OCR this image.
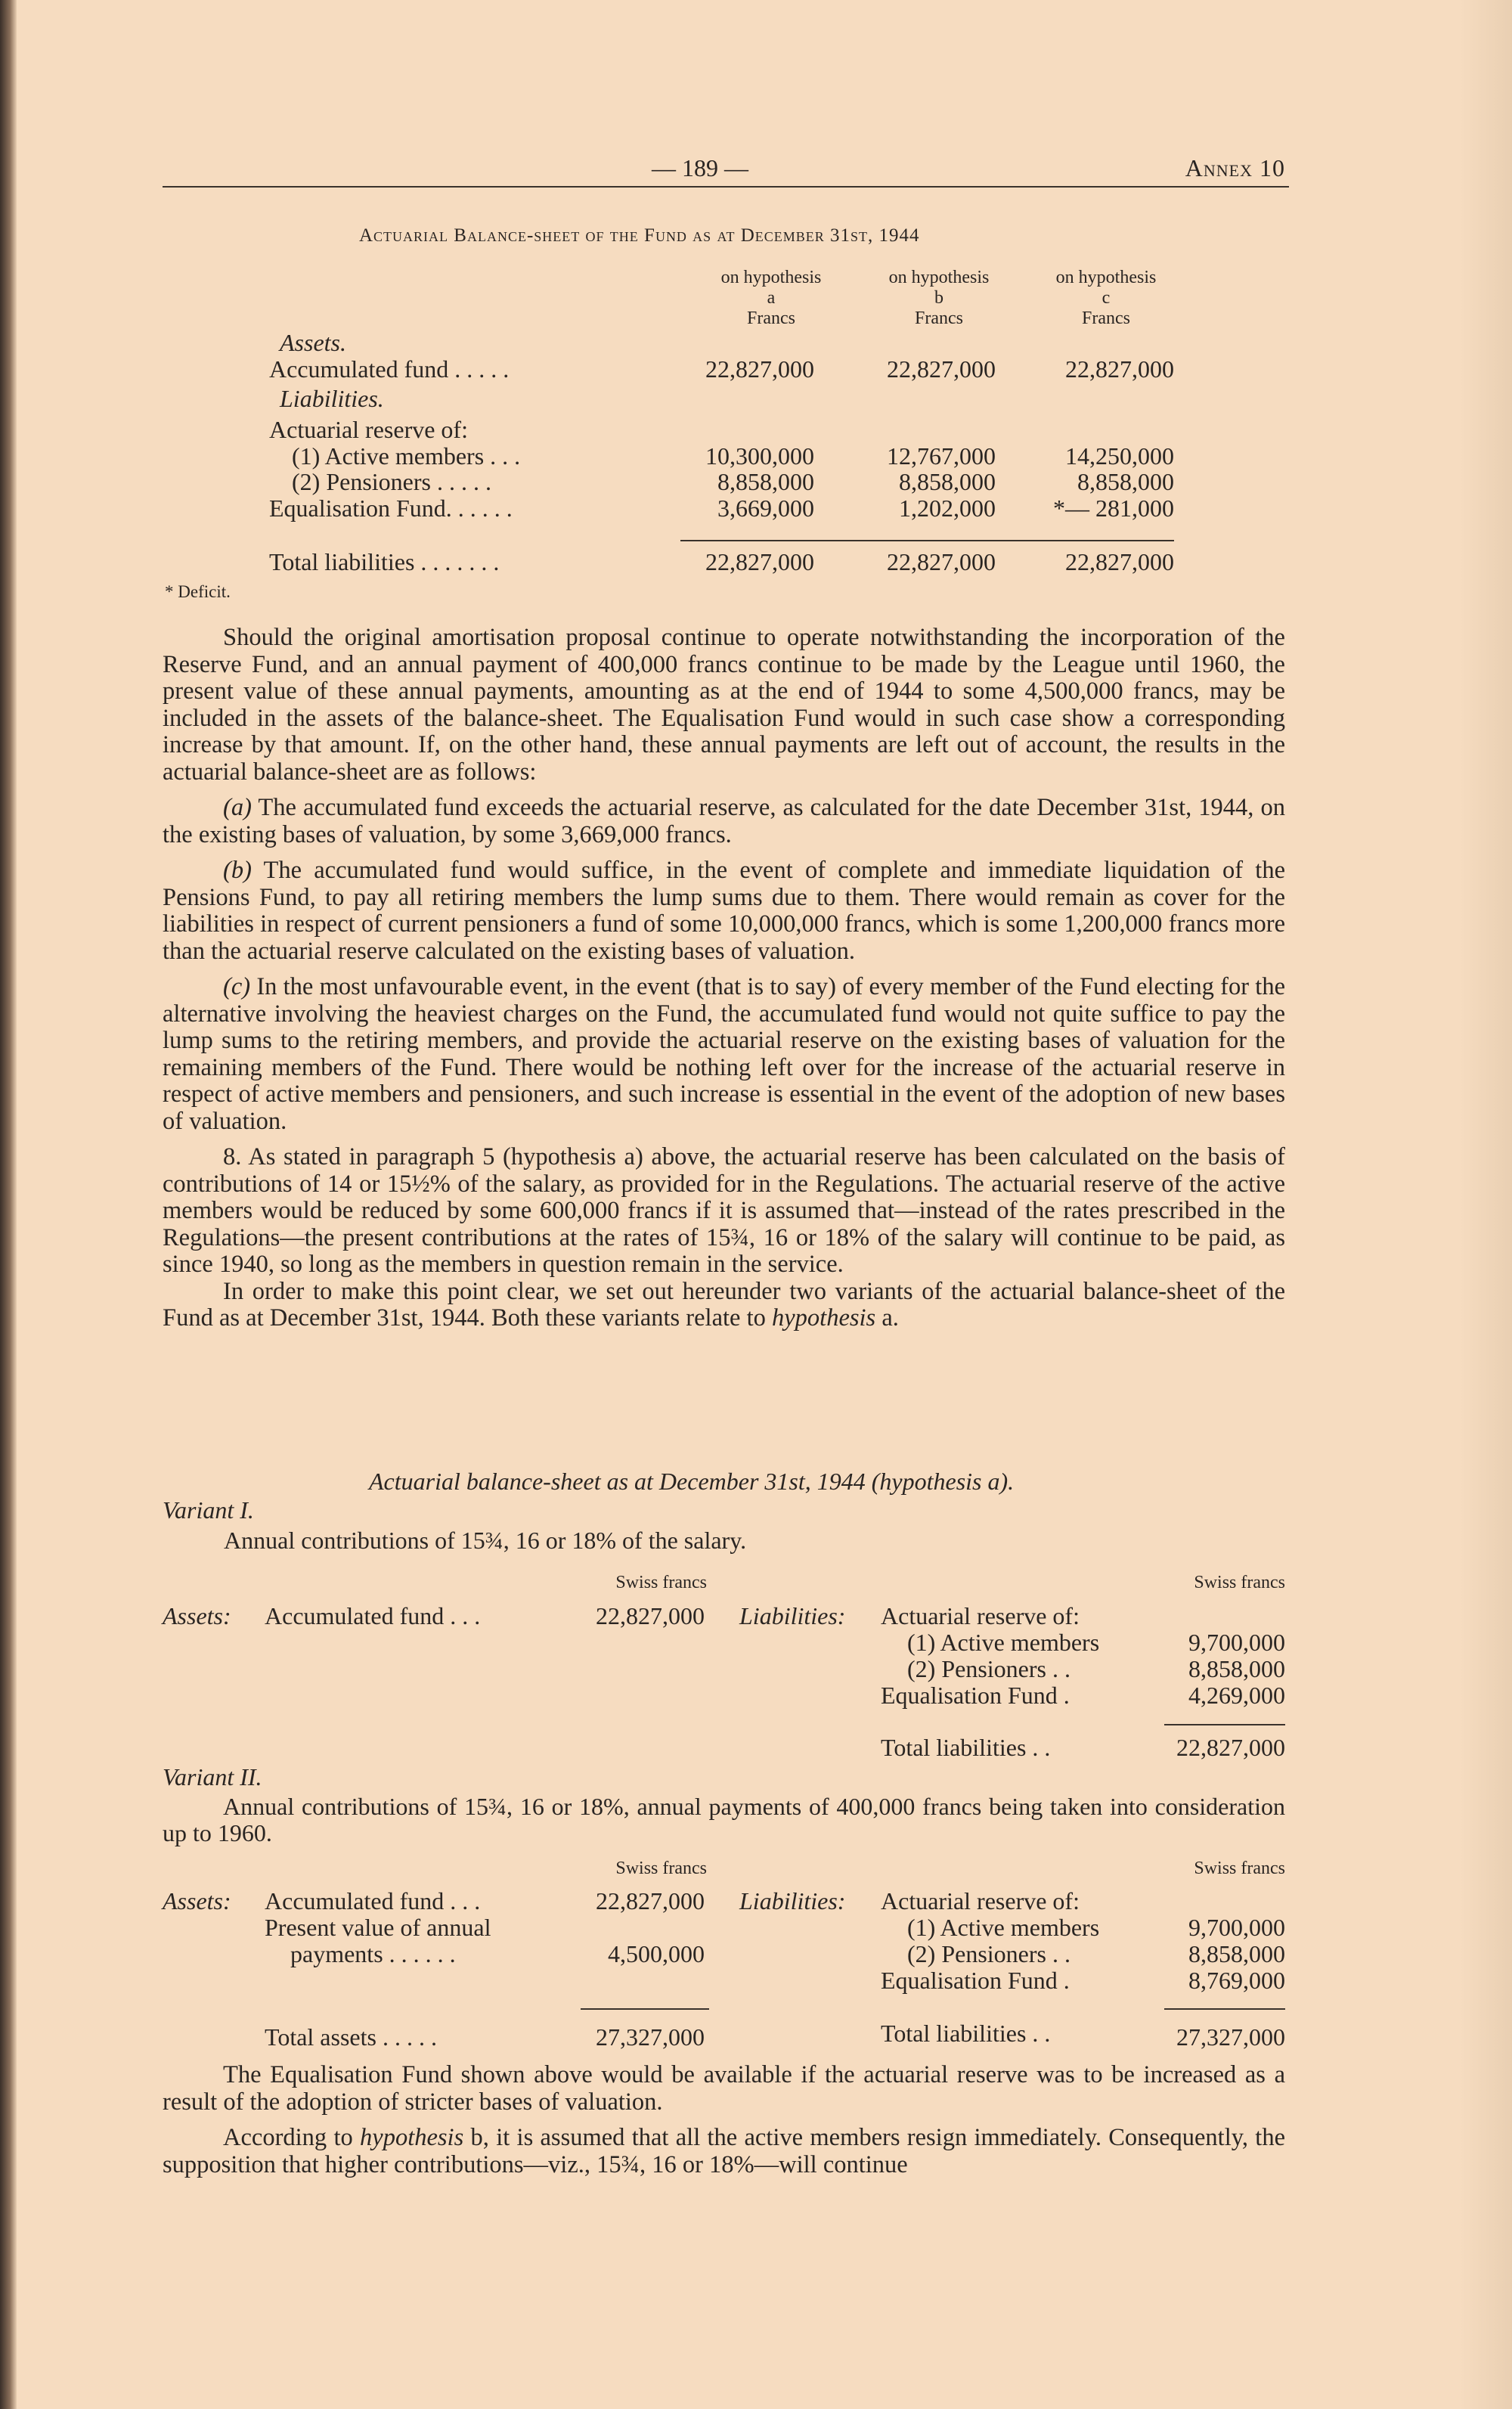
— 189 —	Annex 10
Actuarial Balance-sheet of the Fund as at December 31st, 1944
on hypothesis
a
Francs
on hypothesis
b
Francs
on hypothesis
c
Francs
Assets.
Accumulated fund . . . . .	22,827,000	22,827,000	22,827,000
Liabilities.
Actuarial reserve of:
(1) Active members . . .	10,300,000	12,767,000	14,250,000
(2) Pensioners . . . . .	8,858,000	8,858,000	8,858,000
Equalisation Fund. . . . . .	3,669,000	1,202,000 *— 281,000
Total liabilities . . . . . . .	22,827,000	22,827,000	22,827,000
* Deficit.

Should the original amortisation proposal continue to operate notwithstanding the incorporation of the Reserve Fund, and an annual payment of 400,000 francs continue to be made by the League until 1960, the present value of these annual payments, amounting as at the end of 1944 to some 4,500,000 francs, may be included in the assets of the balance-sheet. The Equalisation Fund would in such case show a corresponding increase by that amount. If, on the other hand, these annual payments are left out of account, the results in the actuarial balance-sheet are as follows:

(a) The accumulated fund exceeds the actuarial reserve, as calculated for the date December 31st, 1944, on the existing bases of valuation, by some 3,669,000 francs.

(b) The accumulated fund would suffice, in the event of complete and immediate liquidation of the Pensions Fund, to pay all retiring members the lump sums due to them. There would remain as cover for the liabilities in respect of current pensioners a fund of some 10,000,000 francs, which is some 1,200,000 francs more than the actuarial reserve calculated on the existing bases of valuation.

(c) In the most unfavourable event, in the event (that is to say) of every member of the Fund electing for the alternative involving the heaviest charges on the Fund, the accumulated fund would not quite suffice to pay the lump sums to the retiring members, and provide the actuarial reserve on the existing bases of valuation for the remaining members of the Fund. There would be nothing left over for the increase of the actuarial reserve in respect of active members and pensioners, and such increase is essential in the event of the adoption of new bases of valuation.

8. As stated in paragraph 5 (hypothesis a) above, the actuarial reserve has been calculated on the basis of contributions of 14 or 15½% of the salary, as provided for in the Regulations. The actuarial reserve of the active members would be reduced by some 600,000 francs if it is assumed that—instead of the rates prescribed in the Regulations—the present contributions at the rates of 15¾, 16 or 18% of the salary will continue to be paid, as since 1940, so long as the members in question remain in the service.

In order to make this point clear, we set out hereunder two variants of the actuarial balance-sheet of the Fund as at December 31st, 1944. Both these variants relate to hypothesis a.

Actuarial balance-sheet as at December 31st, 1944 (hypothesis a).
Variant I.
Annual contributions of 15¾, 16 or 18% of the salary.
Swiss francs	Swiss francs
Assets: Accumulated fund . . .	22,827,000 Liabilities: Actuarial reserve of:
(1) Active members	9,700,000
(2) Pensioners . .	8,858,000
Equalisation Fund .	4,269,000
Total liabilities . .	22,827,000
Variant II.
Annual contributions of 15¾, 16 or 18%, annual payments of 400,000 francs being taken into consideration up to 1960.
Swiss francs	Swiss francs
Assets: Accumulated fund . . .	22,827,000
Present value of annual
payments . . . . . .	4,500,000
Liabilities: Actuarial reserve of:
(1) Active members	9,700,000
(2) Pensioners . .	8,858,000
Equalisation Fund .	8,769,000
Total assets . . . . .	27,327,000	Total liabilities . .	27,327,000

The Equalisation Fund shown above would be available if the actuarial reserve was to be increased as a result of the adoption of stricter bases of valuation.

According to hypothesis b, it is assumed that all the active members resign immediately. Consequently, the supposition that higher contributions—viz., 15¾, 16 or 18%—will continue
